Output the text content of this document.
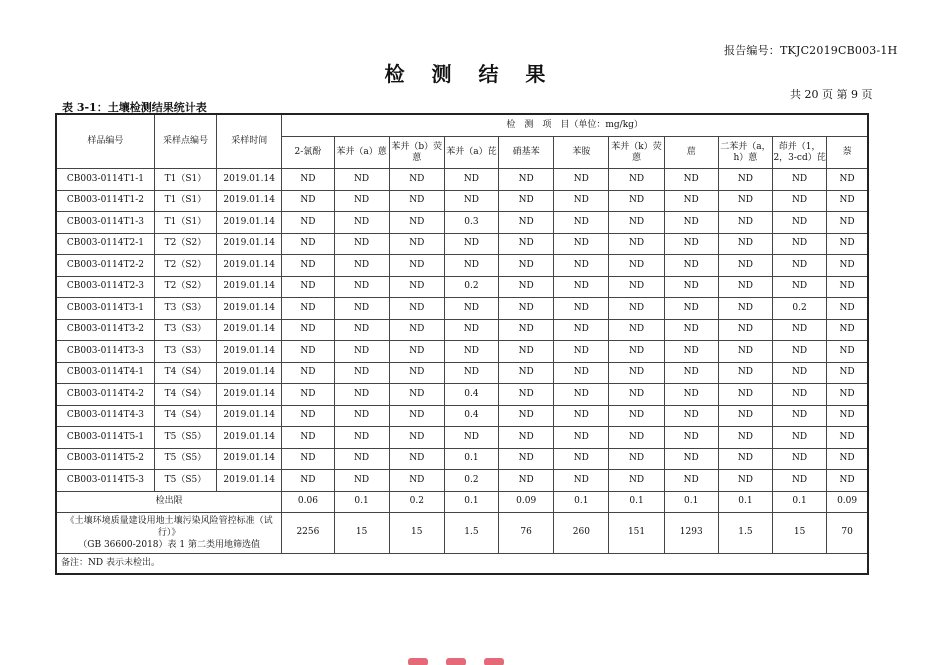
报告编号：TKJC2019CB003-1H
检 测 结 果
共 20 页 第 9 页
表 3-1：土壤检测结果统计表
样品编号	采样点编号	采样时间	检　测　项　目（单位：mg/kg）										
			2-氯酚	苯并（a）蒽	苯并（b）荧蒽	苯并（a）芘	硝基苯	苯胺	苯并（k）荧蒽	䓛	二苯并（a，h）蒽	茚并（1，2，3-cd）芘	萘
CB003-0114T1-1	T1（S1）	2019.01.14	ND	ND	ND	ND	ND	ND	ND	ND	ND	ND	ND
CB003-0114T1-2	T1（S1）	2019.01.14	ND	ND	ND	ND	ND	ND	ND	ND	ND	ND	ND
CB003-0114T1-3	T1（S1）	2019.01.14	ND	ND	ND	0.3	ND	ND	ND	ND	ND	ND	ND
CB003-0114T2-1	T2（S2）	2019.01.14	ND	ND	ND	ND	ND	ND	ND	ND	ND	ND	ND
CB003-0114T2-2	T2（S2）	2019.01.14	ND	ND	ND	ND	ND	ND	ND	ND	ND	ND	ND
CB003-0114T2-3	T2（S2）	2019.01.14	ND	ND	ND	0.2	ND	ND	ND	ND	ND	ND	ND
CB003-0114T3-1	T3（S3）	2019.01.14	ND	ND	ND	ND	ND	ND	ND	ND	ND	0.2	ND
CB003-0114T3-2	T3（S3）	2019.01.14	ND	ND	ND	ND	ND	ND	ND	ND	ND	ND	ND
CB003-0114T3-3	T3（S3）	2019.01.14	ND	ND	ND	ND	ND	ND	ND	ND	ND	ND	ND
CB003-0114T4-1	T4（S4）	2019.01.14	ND	ND	ND	ND	ND	ND	ND	ND	ND	ND	ND
CB003-0114T4-2	T4（S4）	2019.01.14	ND	ND	ND	0.4	ND	ND	ND	ND	ND	ND	ND
CB003-0114T4-3	T4（S4）	2019.01.14	ND	ND	ND	0.4	ND	ND	ND	ND	ND	ND	ND
CB003-0114T5-1	T5（S5）	2019.01.14	ND	ND	ND	ND	ND	ND	ND	ND	ND	ND	ND
CB003-0114T5-2	T5（S5）	2019.01.14	ND	ND	ND	0.1	ND	ND	ND	ND	ND	ND	ND
CB003-0114T5-3	T5（S5）	2019.01.14	ND	ND	ND	0.2	ND	ND	ND	ND	ND	ND	ND
检出限			0.06	0.1	0.2	0.1	0.09	0.1	0.1	0.1	0.1	0.1	0.09

《土壤环境质量建设用地土壤污染风险管控标准（试行）》
（GB 36600-2018）表 1 第二类用地筛选值			2256	15	15	1.5	76	260	151	1293	1.5	15	70
备注：ND 表示未检出。													
